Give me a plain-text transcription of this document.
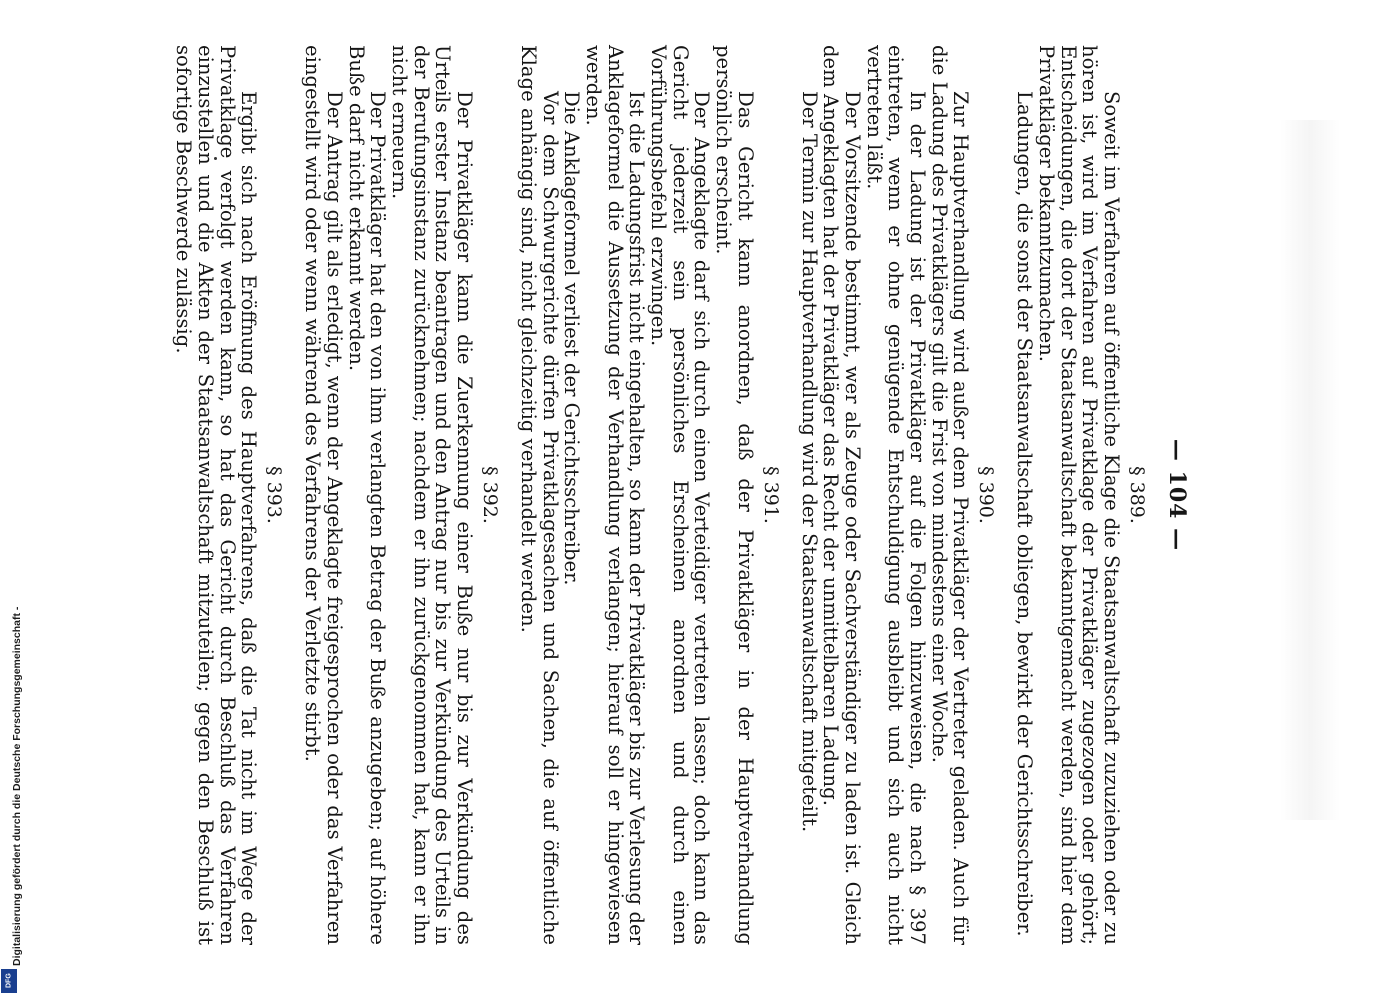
— 104 —
§ 389.

Soweit im Verfahren auf öffentliche Klage die Staatsanwaltschaft zuzuziehen oder zu hören ist, wird im Verfahren auf Privatklage der Privatkläger zugezogen oder gehört; Entscheidungen, die dort der Staatsanwaltschaft bekanntgemacht werden, sind hier dem Privatkläger bekanntzumachen.

Ladungen, die sonst der Staatsanwaltschaft obliegen, bewirkt der Gerichtsschreiber.

§ 390.

Zur Hauptverhandlung wird außer dem Privatkläger der Vertreter geladen. Auch für die Ladung des Privatklägers gilt die Frist von mindestens einer Woche.

In der Ladung ist der Privatkläger auf die Folgen hinzuweisen, die nach § 397 eintreten, wenn er ohne genügende Entschuldigung ausbleibt und sich auch nicht vertreten läßt.

Der Vorsitzende bestimmt, wer als Zeuge oder Sachverständiger zu laden ist. Gleich dem Angeklagten hat der Privatkläger das Recht der unmittelbaren Ladung.

Der Termin zur Hauptverhandlung wird der Staatsanwaltschaft mitgeteilt.

§ 391.

Das Gericht kann anordnen, daß der Privatkläger in der Hauptverhandlung persönlich erscheint.

Der Angeklagte darf sich durch einen Verteidiger vertreten lassen; doch kann das Gericht jederzeit sein persönliches Erscheinen anordnen und durch einen Vorführungsbefehl erzwingen.

Ist die Ladungsfrist nicht eingehalten, so kann der Privatkläger bis zur Verlesung der Anklageformel die Aussetzung der Verhandlung verlangen; hierauf soll er hingewiesen werden.

Die Anklageformel verliest der Gerichtsschreiber.

Vor dem Schwurgerichte dürfen Privatklagesachen und Sachen, die auf öffentliche Klage anhängig sind, nicht gleichzeitig verhandelt werden.

§ 392.

Der Privatkläger kann die Zuerkennung einer Buße nur bis zur Verkündung des Urteils erster Instanz beantragen und den Antrag nur bis zur Verkündung des Urteils in der Berufungsinstanz zurücknehmen; nachdem er ihn zurückgenommen hat, kann er ihn nicht erneuern.

Der Privatkläger hat den von ihm verlangten Betrag der Buße anzugeben; auf höhere Buße darf nicht erkannt werden.

Der Antrag gilt als erledigt, wenn der Angeklagte freigesprochen oder das Verfahren eingestellt wird oder wenn während des Verfahrens der Verletzte stirbt.

§ 393.

Ergibt sich nach Eröffnung des Hauptverfahrens, daß die Tat nicht im Wege der Privatklage verfolgt werden kann, so hat das Gericht durch Beschluß das Verfahren einzustellen und die Akten der Staatsanwaltschaft mitzuteilen; gegen den Beschluß ist sofortige Beschwerde zulässig.

DFG
Digitalisierung gefördert durch die Deutsche Forschungsgemeinschaft -
